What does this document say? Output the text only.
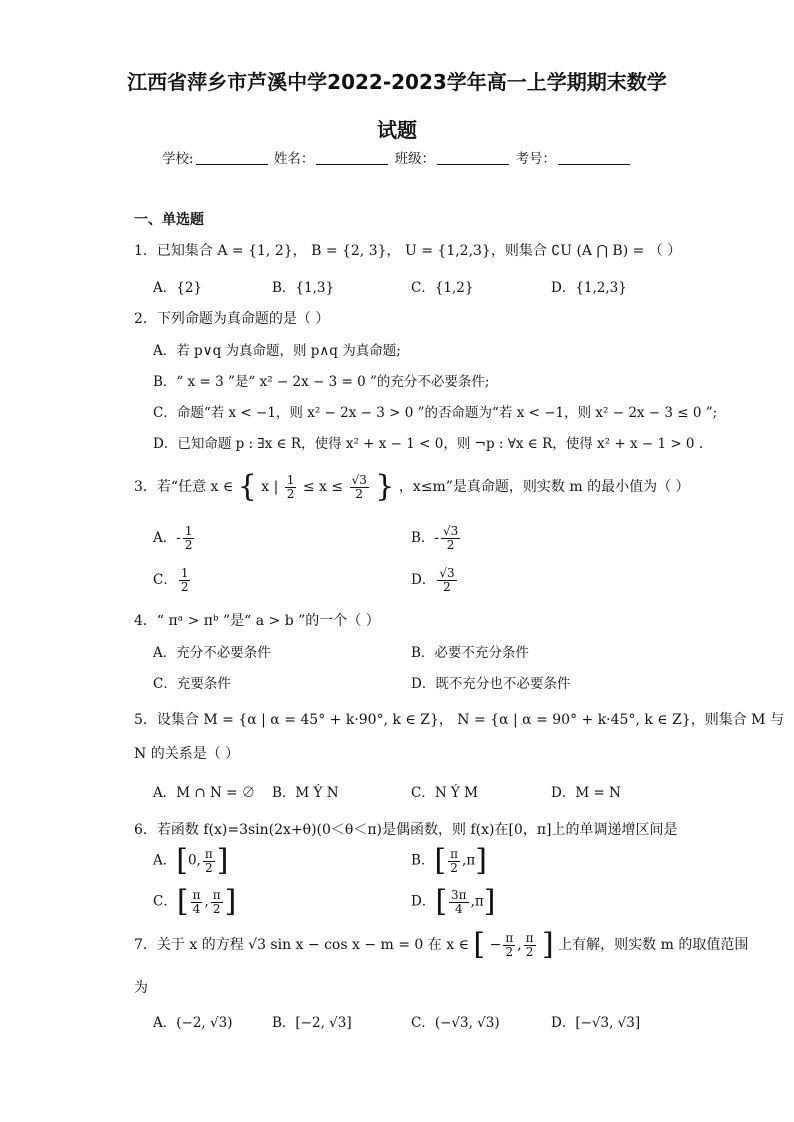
江西省萍乡市芦溪中学2022-2023学年高一上学期期末数学
试题
学校:	姓名：	班级：	考号：
一、单选题
1．已知集合 A = {1, 2}， B = {2, 3}， U = {1,2,3}，则集合 ∁U (A ⋂ B) = （ ）
A．{2}	B．{1,3}	C．{1,2}	D．{1,2,3}
2．下列命题为真命题的是（ ）
A．若 p∨q 为真命题，则 p∧q 为真命题;
B．“ x = 3 ”是“ x² − 2x − 3 = 0 ”的充分不必要条件;
C．命题“若 x < −1，则 x² − 2x − 3 > 0 ”的否命题为“若 x < −1，则 x² − 2x − 3 ≤ 0 ”;
D．已知命题 p : ∃x ∈ R，使得 x² + x − 1 < 0，则 ¬p : ∀x ∈ R，使得 x² + x − 1 > 0 .
3．若“任意 x ∈ { x | $\frac{1}{2} \le x \le \frac{√3}{2}$ } ，x≤m”是真命题，则实数 m 的最小值为（ ）
A．- $\frac{1}{2}$	B．- $\frac{√3}{2}$
C． $\frac{1}{2}$	D． $\frac{√3}{2}$
4．“ πᵃ > πᵇ ”是“ a > b ”的一个（ ）
A．充分不必要条件	B．必要不充分条件
C．充要条件	D．既不充分也不必要条件
5．设集合 M = {α | α = 45° + k·90°, k ∈ Z}， N = {α | α = 90° + k·45°, k ∈ Z}，则集合 M 与
N 的关系是（ ）
A．M ∩ N = ∅ B．M Ý N	C．N Ý M	D．M = N
6．若函数 f(x)=3sin(2x+θ)(0＜θ＜π)是偶函数，则 f(x)在[0，π]上的单调递增区间是
A．[0, $\frac{\pi}{2}$ ]	B．[ $\frac{\pi}{2} ,\pi$]
C．[ $\frac{\pi}{4}$ , $\frac{\pi}{2}$ ]	D．[ $\frac{3\pi}{4} ,\pi$]
7．关于 x 的方程 √3 sin x − cos x − m = 0 在 x ∈ [ − $\frac{\pi}{2}$ , $\frac{\pi}{2}$ ] 上有解，则实数 m 的取值范围
为
A．(−2, √3)	B．[−2, √3]	C．(−√3, √3)	D．[−√3, √3]
